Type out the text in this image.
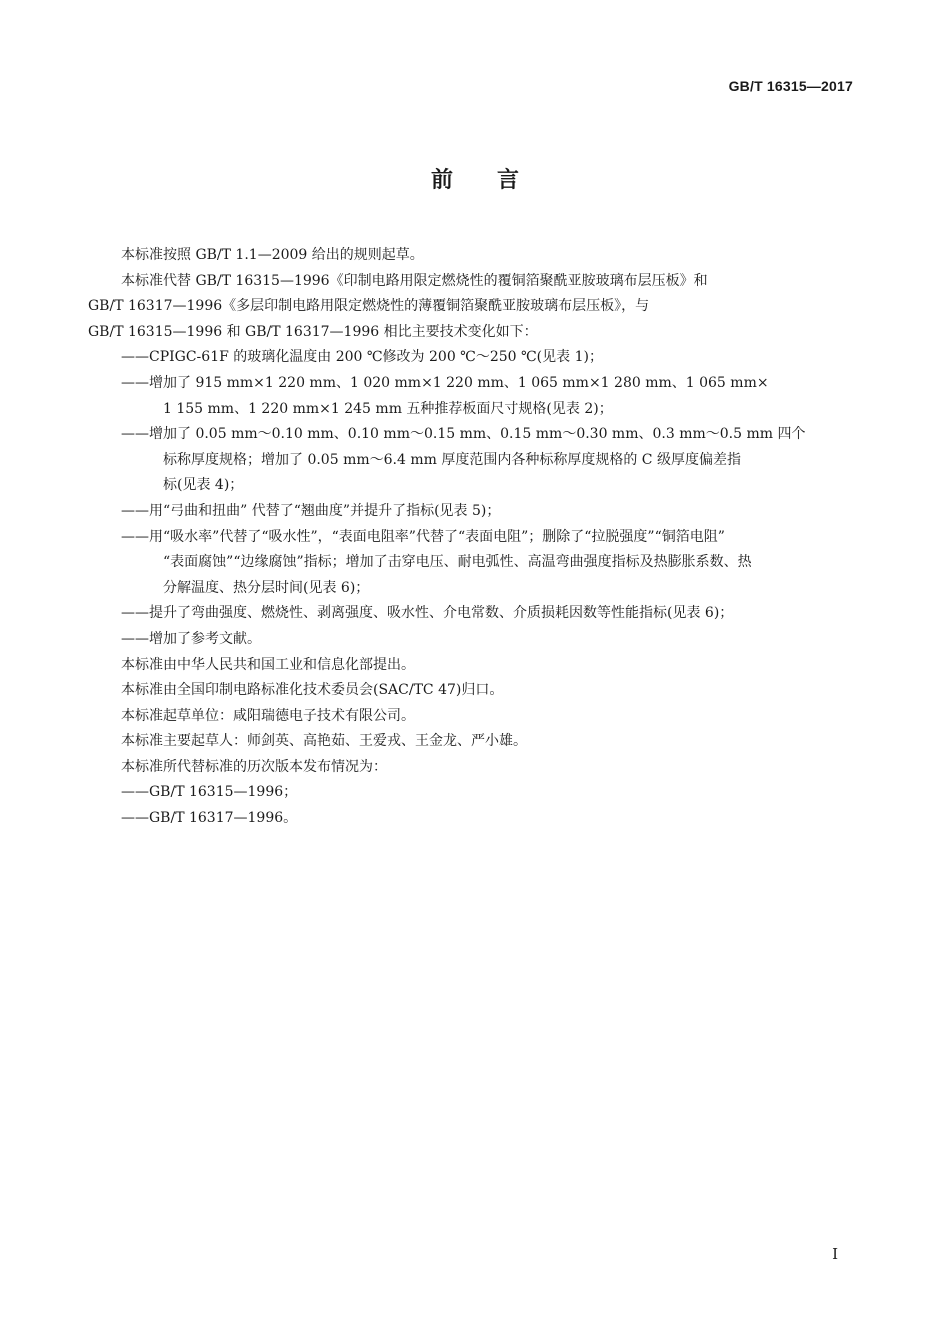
GB/T 16315—2017
前 言
本标准按照 GB/T 1.1—2009 给出的规则起草。
本标准代替 GB/T 16315—1996《印制电路用限定燃烧性的覆铜箔聚酰亚胺玻璃布层压板》和
GB/T 16317—1996《多层印制电路用限定燃烧性的薄覆铜箔聚酰亚胺玻璃布层压板》，与
GB/T 16315—1996 和 GB/T 16317—1996 相比主要技术变化如下：
——CPIGC-61F 的玻璃化温度由 200 ℃修改为 200 ℃～250 ℃(见表 1)；
——增加了 915 mm×1 220 mm、1 020 mm×1 220 mm、1 065 mm×1 280 mm、1 065 mm×
1 155 mm、1 220 mm×1 245 mm 五种推荐板面尺寸规格(见表 2)；
——增加了 0.05 mm～0.10 mm、0.10 mm～0.15 mm、0.15 mm～0.30 mm、0.3 mm～0.5 mm 四个
标称厚度规格；增加了 0.05 mm～6.4 mm 厚度范围内各种标称厚度规格的 C 级厚度偏差指
标(见表 4)；
——用“弓曲和扭曲” 代替了“翘曲度”并提升了指标(见表 5)；
——用“吸水率”代替了“吸水性”，“表面电阻率”代替了“表面电阻”；删除了“拉脱强度”“铜箔电阻”
“表面腐蚀”“边缘腐蚀”指标；增加了击穿电压、耐电弧性、高温弯曲强度指标及热膨胀系数、热
分解温度、热分层时间(见表 6)；
——提升了弯曲强度、燃烧性、剥离强度、吸水性、介电常数、介质损耗因数等性能指标(见表 6)；
——增加了参考文献。
本标准由中华人民共和国工业和信息化部提出。
本标准由全国印制电路标准化技术委员会(SAC/TC 47)归口。
本标准起草单位：咸阳瑞德电子技术有限公司。
本标准主要起草人：师剑英、高艳茹、王爱戎、王金龙、严小雄。
本标准所代替标准的历次版本发布情况为：
——GB/T 16315—1996；
——GB/T 16317—1996。
I
